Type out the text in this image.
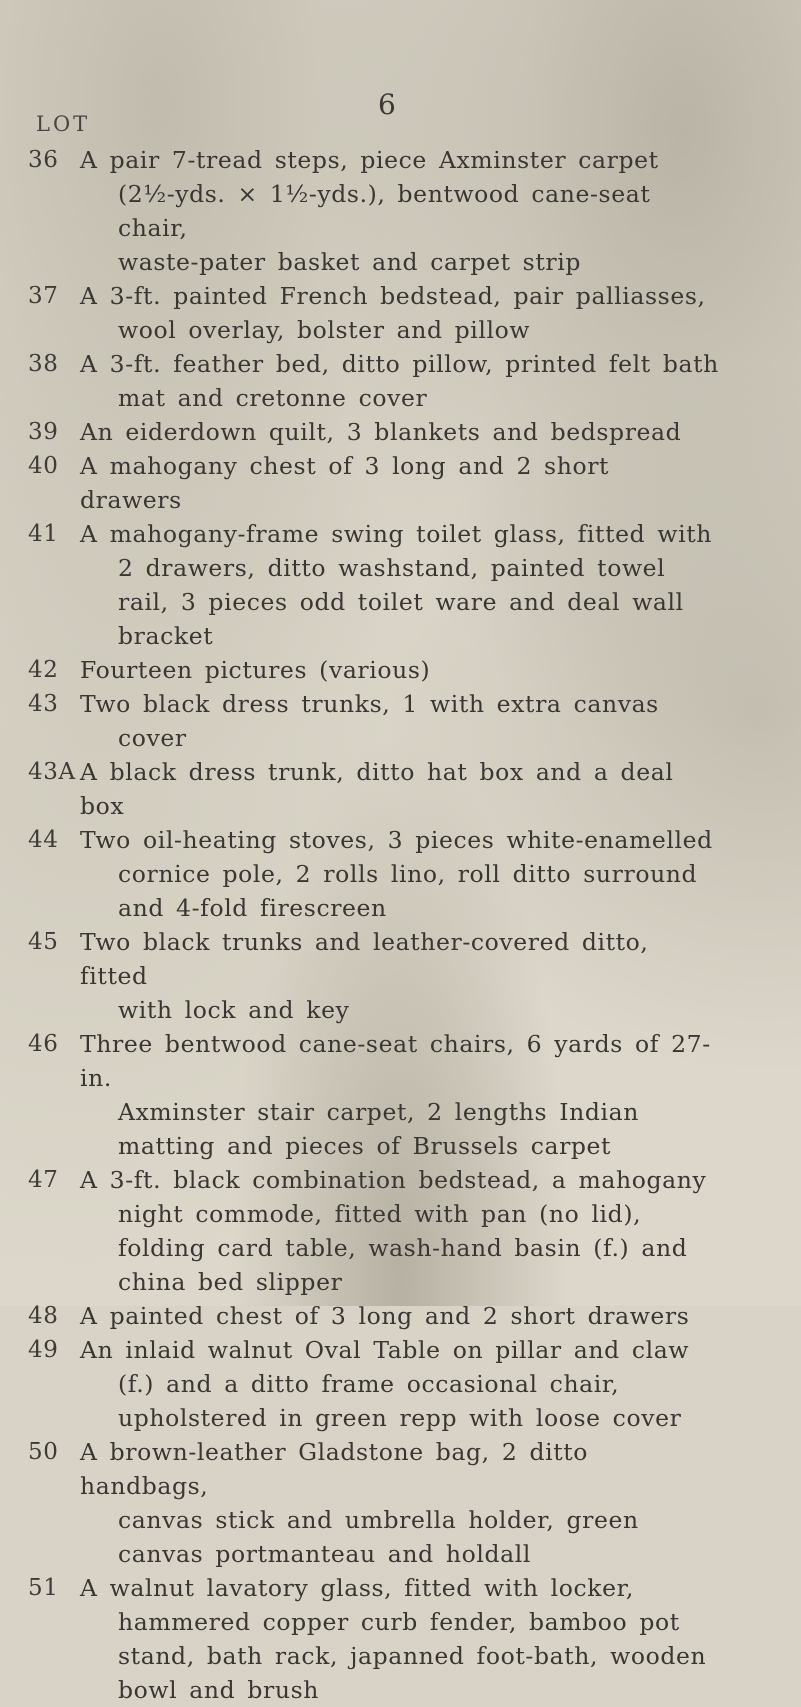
6
LOT
36 A pair 7-tread steps, piece Axminster carpet
(2½-yds. × 1½-yds.), bentwood cane-seat chair,
waste-pater basket and carpet strip
37 A 3-ft. painted French bedstead, pair palliasses,
wool overlay, bolster and pillow
38 A 3-ft. feather bed, ditto pillow, printed felt bath
mat and cretonne cover
39 An eiderdown quilt, 3 blankets and bedspread
40 A mahogany chest of 3 long and 2 short drawers
41 A mahogany-frame swing toilet glass, fitted with
2 drawers, ditto washstand, painted towel
rail, 3 pieces odd toilet ware and deal wall
bracket
42 Fourteen pictures (various)
43 Two black dress trunks, 1 with extra canvas
cover
43A A black dress trunk, ditto hat box and a deal box
44 Two oil-heating stoves, 3 pieces white-enamelled
cornice pole, 2 rolls lino, roll ditto surround
and 4-fold firescreen
45 Two black trunks and leather-covered ditto, fitted
with lock and key
46 Three bentwood cane-seat chairs, 6 yards of 27-in.
Axminster stair carpet, 2 lengths Indian
matting and pieces of Brussels carpet
47 A 3-ft. black combination bedstead, a mahogany
night commode, fitted with pan (no lid),
folding card table, wash-hand basin (f.) and
china bed slipper
48 A painted chest of 3 long and 2 short drawers
49 An inlaid walnut Oval Table on pillar and claw
(f.) and a ditto frame occasional chair,
upholstered in green repp with loose cover
50 A brown-leather Gladstone bag, 2 ditto handbags,
canvas stick and umbrella holder, green
canvas portmanteau and holdall
51 A walnut lavatory glass, fitted with locker,
hammered copper curb fender, bamboo pot
stand, bath rack, japanned foot-bath, wooden
bowl and brush
